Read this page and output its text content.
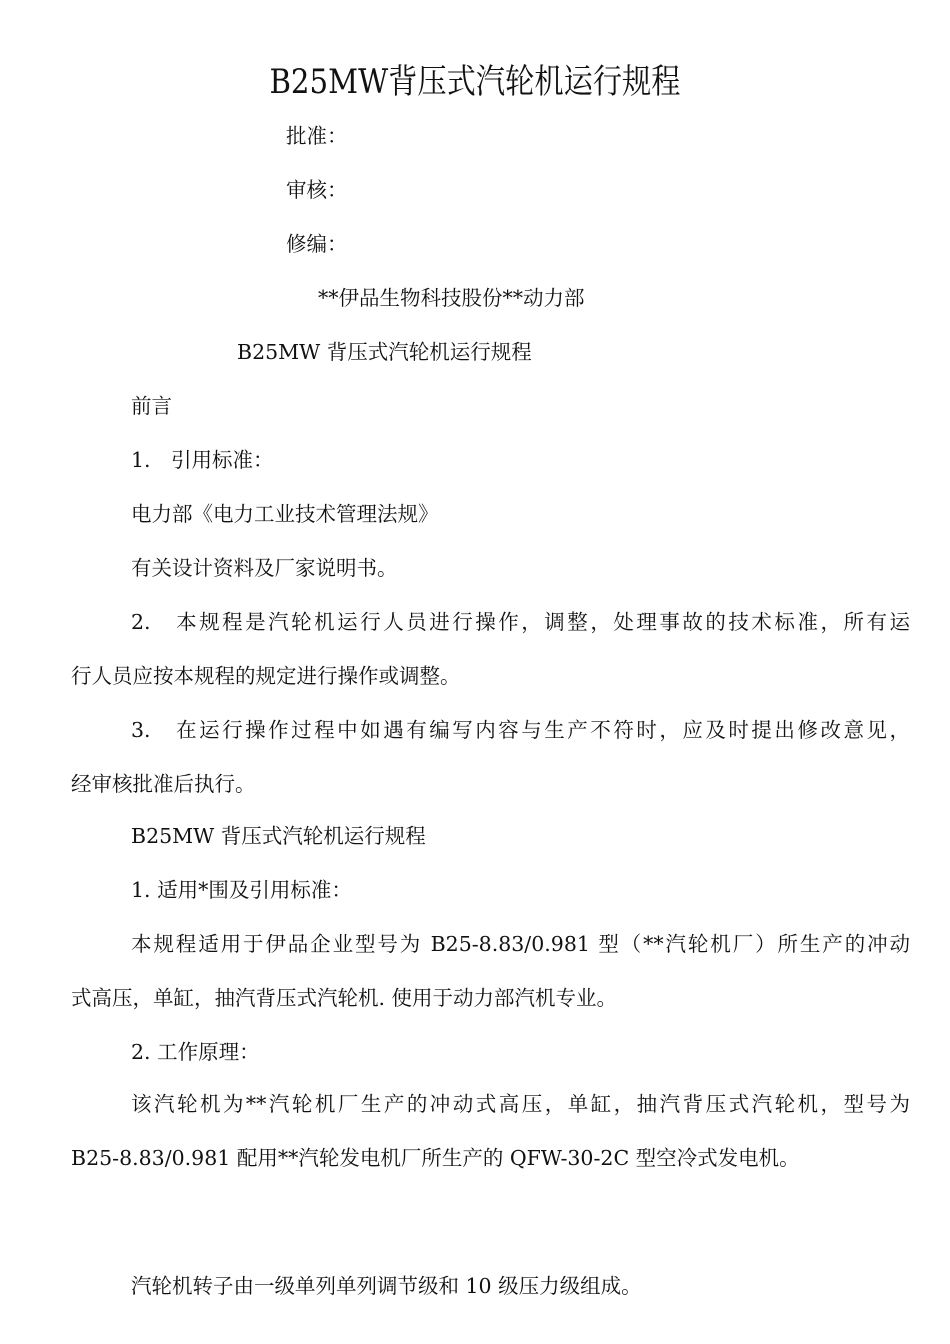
B25MW背压式汽轮机运行规程
批准：
审核：
修编：
**伊品生物科技股份**动力部
B25MW 背压式汽轮机运行规程
前言
1.　引用标准：
电力部《电力工业技术管理法规》
有关设计资料及厂家说明书。
2.　本规程是汽轮机运行人员进行操作，调整，处理事故的技术标准，所有运
行人员应按本规程的规定进行操作或调整。
3.　在运行操作过程中如遇有编写内容与生产不符时，应及时提出修改意见，
经审核批准后执行。
B25MW 背压式汽轮机运行规程
1. 适用*围及引用标准：
本规程适用于伊品企业型号为 B25-8.83/0.981 型（**汽轮机厂）所生产的冲动
式高压，单缸，抽汽背压式汽轮机. 使用于动力部汽机专业。
2. 工作原理：
该汽轮机为**汽轮机厂生产的冲动式高压，单缸，抽汽背压式汽轮机，型号为
B25-8.83/0.981 配用**汽轮发电机厂所生产的 QFW-30-2C 型空冷式发电机。
汽轮机转子由一级单列单列调节级和 10 级压力级组成。
